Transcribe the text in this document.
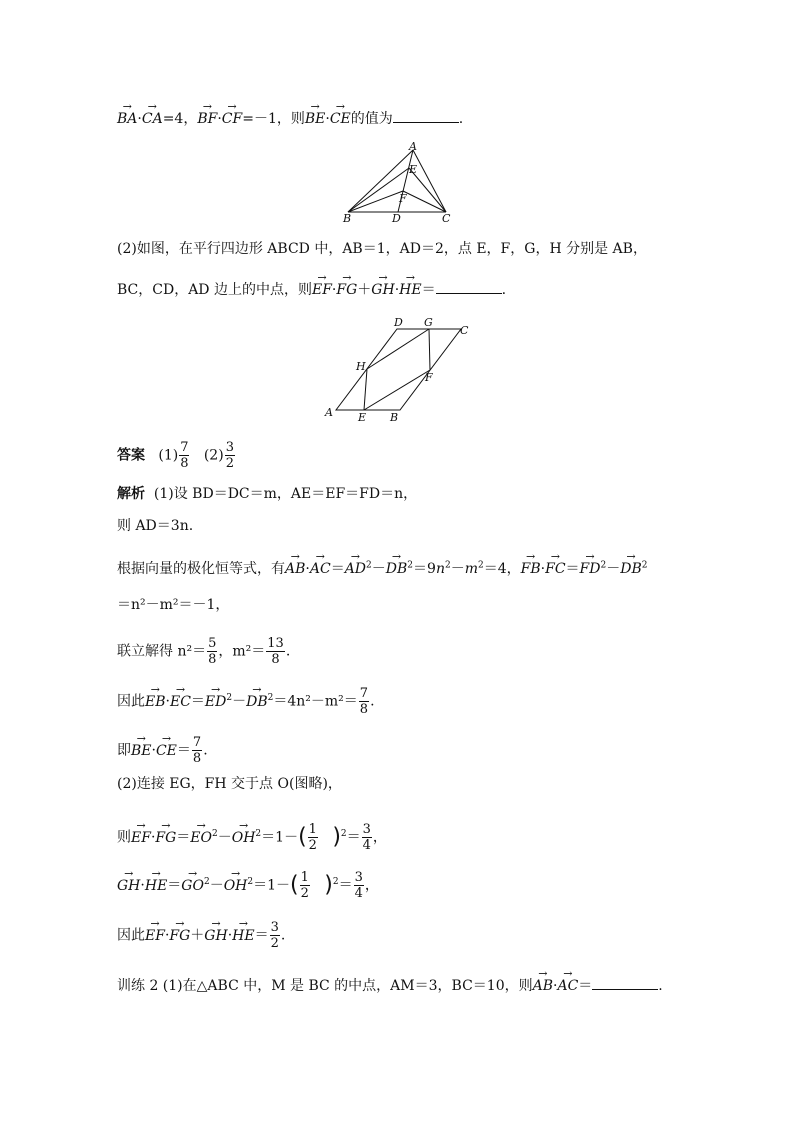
→ BA·→ CA=4，→ BF·→ CF=－1，则→ BE·→ CE的值为	.
A
B	C
D
E
F
(2)如图，在平行四边形 ABCD 中，AB＝1，AD＝2，点 E，F，G，H 分别是 AB，
BC，CD，AD 边上的中点，则→ EF·→ FG＋→ GH·→ HE＝	.
A	B
C
D
E
F
G
H
答案 $(1) \frac{7}{8} (2) \frac{3}{2}$
解析 (1)设 BD＝DC＝m，AE＝EF＝FD＝n，
则 AD＝3n.
根据向量的极化恒等式，有→ $AB\cdot\to AC=\to AD^2-\to DB^2=9n^2-m^2=4$，→ $FB\cdot\to FC=\to FD^2-\to DB^2$
＝n²－m²＝－1，
联立解得 $n^2= \frac{5}{8}$ ，$m^2= \frac{13}{8}$ .
因此→ $EB\cdot\to EC=\to ED^2-\to DB^2=4n^2-m^2= \frac{7}{8}$ .
即→ $BE\cdot\to CE= \frac{7}{8}$ .
(2)连接 EG，FH 交于点 O(图略)，
则→ $EF\cdot\to FG=\to EO^2-\to OH^2=1-( \frac{1}{2} )^2= \frac{3}{4}$ ，
→ $GH\cdot\to HE=\to GO^2-\to OH^2=1-( \frac{1}{2} )^2= \frac{3}{4}$ ，
因此→ $EF\cdot\to FG+\to GH\cdot\to HE= \frac{3}{2}$ .
训练 2 (1)在△ABC 中，M 是 BC 的中点，AM＝3，BC＝10，则→ AB·→ AC＝	.
